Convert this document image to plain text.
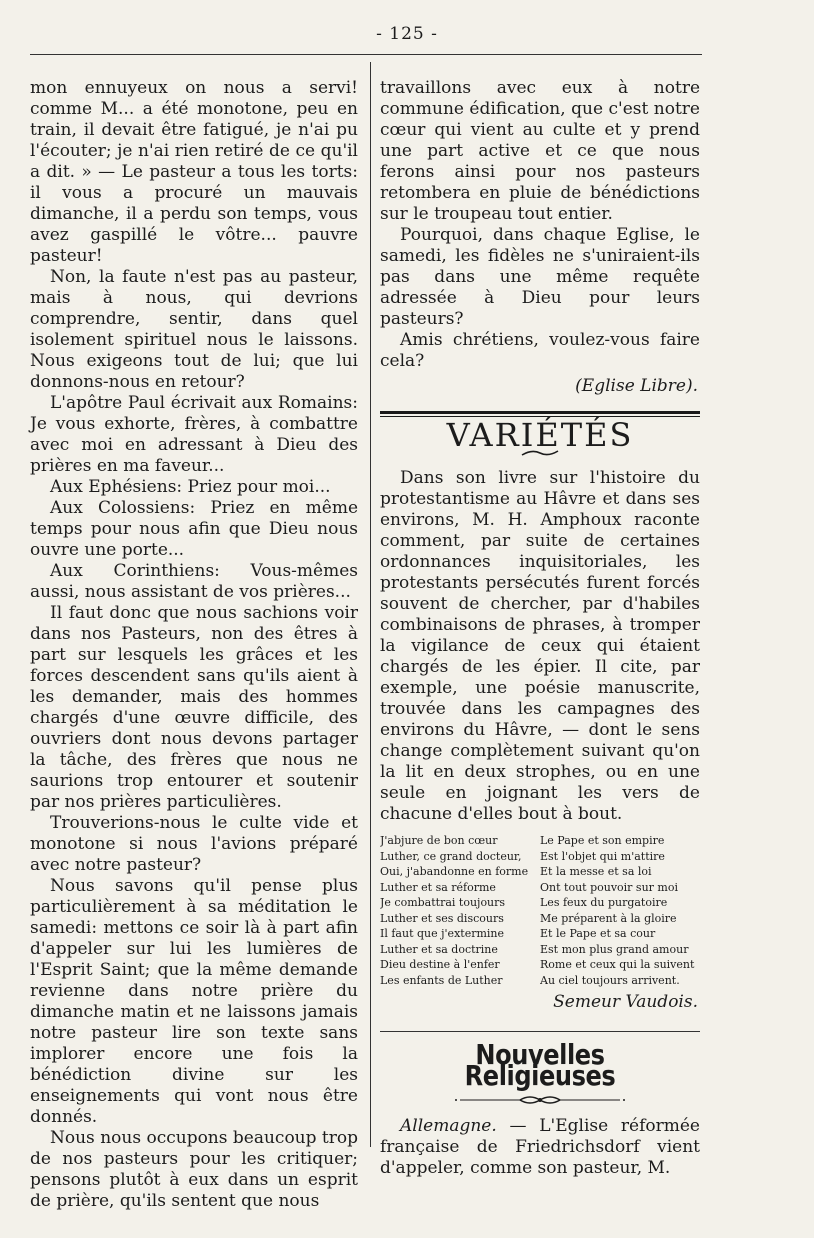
- 125 -

mon ennuyeux on nous a servi! comme M... a été monotone, peu en train, il devait être fatigué, je n'ai pu l'écouter; je n'ai rien retiré de ce qu'il a dit. » — Le pasteur a tous les torts: il vous a procuré un mauvais dimanche, il a perdu son temps, vous avez gaspillé le vôtre... pauvre pasteur!

Non, la faute n'est pas au pasteur, mais à nous, qui devrions comprendre, sentir, dans quel isolement spirituel nous le laissons. Nous exigeons tout de lui; que lui donnons-nous en retour?

L'apôtre Paul écrivait aux Romains: Je vous exhorte, frères, à combattre avec moi en adressant à Dieu des prières en ma faveur...

Aux Ephésiens: Priez pour moi...

Aux Colossiens: Priez en même temps pour nous afin que Dieu nous ouvre une porte...

Aux Corinthiens: Vous-mêmes aussi, nous assistant de vos prières...

Il faut donc que nous sachions voir dans nos Pasteurs, non des êtres à part sur lesquels les grâces et les forces descendent sans qu'ils aient à les demander, mais des hommes chargés d'une œuvre difficile, des ouvriers dont nous devons partager la tâche, des frères que nous ne saurions trop entourer et soutenir par nos prières particulières.

Trouverions-nous le culte vide et monotone si nous l'avions préparé avec notre pasteur?

Nous savons qu'il pense plus particulièrement à sa méditation le samedi: mettons ce soir là à part afin d'appeler sur lui les lumières de l'Esprit Saint; que la même demande revienne dans notre prière du dimanche matin et ne laissons jamais notre pasteur lire son texte sans implorer encore une fois la bénédiction divine sur les enseignements qui vont nous être donnés.

Nous nous occupons beaucoup trop de nos pasteurs pour les critiquer; pensons plutôt à eux dans un esprit de prière, qu'ils sentent que nous

travaillons avec eux à notre commune édification, que c'est notre cœur qui vient au culte et y prend une part active et ce que nous ferons ainsi pour nos pasteurs retombera en pluie de bénédictions sur le troupeau tout entier.

Pourquoi, dans chaque Eglise, le samedi, les fidèles ne s'uniraient-ils pas dans une même requête adressée à Dieu pour leurs pasteurs?

Amis chrétiens, voulez-vous faire cela?

(Eglise Libre).
VARIÉTÉS

Dans son livre sur l'histoire du protestantisme au Hâvre et dans ses environs, M. H. Amphoux raconte comment, par suite de certaines ordonnances inquisitoriales, les protestants persécutés furent forcés souvent de chercher, par d'habiles combinaisons de phrases, à tromper la vigilance de ceux qui étaient chargés de les épier. Il cite, par exemple, une poésie manuscrite, trouvée dans les campagnes des environs du Hâvre, — dont le sens change complètement suivant qu'on la lit en deux strophes, ou en une seule en joignant les vers de chacune d'elles bout à bout.

J'abjure de bon cœur	Le Pape et son empire
Luther, ce grand docteur,	Est l'objet qui m'attire
Oui, j'abandonne en forme	Et la messe et sa loi
Luther et sa réforme	Ont tout pouvoir sur moi
Je combattrai toujours	Les feux du purgatoire
Luther et ses discours	Me préparent à la gloire
Il faut que j'extermine	Et le Pape et sa cour
Luther et sa doctrine	Est mon plus grand amour
Dieu destine à l'enfer	Rome et ceux qui la suivent
Les enfants de Luther	Au ciel toujours arrivent.
Semeur Vaudois.
Nouvelles Religieuses

Allemagne. — L'Eglise réformée française de Friedrichsdorf vient d'appeler, comme son pasteur, M.
